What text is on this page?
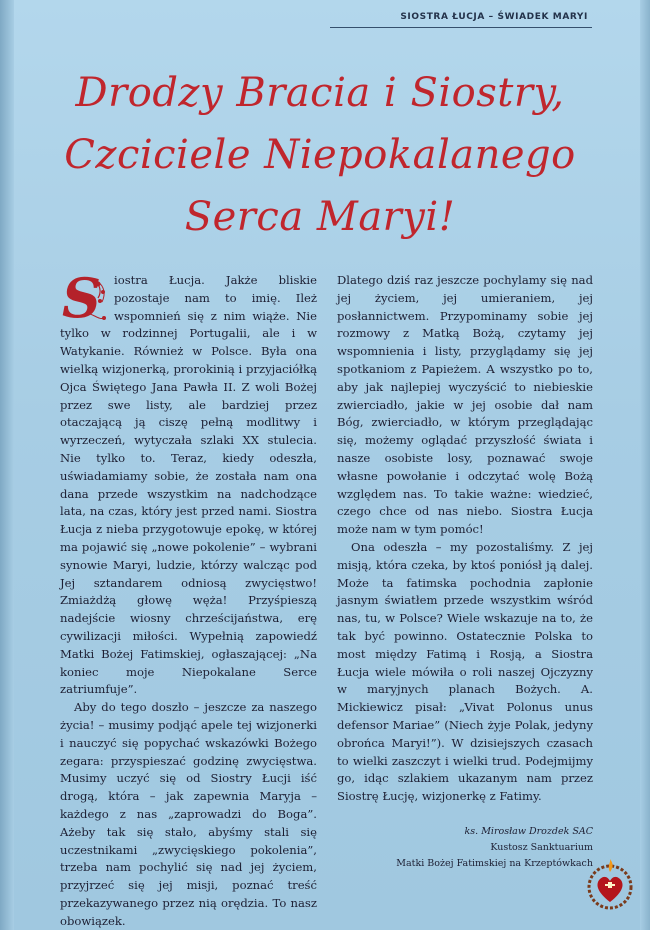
SIOSTRA ŁUCJA – ŚWIADEK MARYI
Drodzy Bracia i Siostry,
Czciciele Niepokalanego
Serca Maryi!
S	iostra Łucja. Jakże bliskie pozostaje nam to imię. Ileż wspomnień się z nim wiąże. Nie tylko w rodzinnej Portugalii, ale i w Watykanie. Również w Polsce. Była ona wielką wizjonerką, prorokinią i przyjaciółką Ojca Świętego Jana Pawła II. Z woli Bożej przez swe listy, ale bardziej przez otaczającą ją ciszę pełną modlitwy i wyrzeczeń, wytyczała szlaki XX stulecia. Nie tylko to. Teraz, kiedy odeszła, uświadamiamy sobie, że została nam ona dana przede wszystkim na nadchodzące lata, na czas, który jest przed nami. Siostra Łucja z nieba przygotowuje epokę, w której ma pojawić się „nowe pokolenie” – wybrani synowie Maryi, ludzie, którzy walcząc pod Jej sztandarem odniosą zwycięstwo! Zmiażdżą głowę węża! Przyśpieszą nadejście wiosny chrześcijaństwa, erę cywilizacji miłości. Wypełnią zapowiedź Matki Bożej Fatimskiej, ogłaszającej: „Na koniec moje Niepokalane Serce zatriumfuje”.

Aby do tego doszło – jeszcze za naszego życia! – musimy podjąć apele tej wizjonerki i nauczyć się popychać wskazówki Bożego zegara: przyspieszać godzinę zwycięstwa. Musimy uczyć się od Siostry Łucji iść drogą, która – jak zapewnia Maryja – każdego z nas „zaprowadzi do Boga”. Ażeby tak się stało, abyśmy stali się uczestnikami „zwycięskiego pokolenia”, trzeba nam pochylić się nad jej życiem, przyjrzeć się jej misji, poznać treść przekazywanego przez nią orędzia. To nasz obowiązek.

Dlatego dziś raz jeszcze pochylamy się nad jej życiem, jej umieraniem, jej posłannictwem. Przypominamy sobie jej rozmowy z Matką Bożą, czytamy jej wspomnienia i listy, przyglądamy się jej spotkaniom z Papieżem. A wszystko po to, aby jak najlepiej wyczyścić to niebieskie zwierciadło, jakie w jej osobie dał nam Bóg, zwierciadło, w którym przeglądając się, możemy oglądać przyszłość świata i nasze osobiste losy, poznawać swoje własne powołanie i odczytać wolę Bożą względem nas. To takie ważne: wiedzieć, czego chce od nas niebo. Siostra Łucja może nam w tym pomóc!

Ona odeszła – my pozostaliśmy. Z jej misją, która czeka, by ktoś poniósł ją dalej. Może ta fatimska pochodnia zapłonie jasnym światłem przede wszystkim wśród nas, tu, w Polsce? Wiele wskazuje na to, że tak być powinno. Ostatecznie Polska to most między Fatimą i Rosją, a Siostra Łucja wiele mówiła o roli naszej Ojczyzny w maryjnych planach Bożych. A. Mickiewicz pisał: „Vivat Polonus unus defensor Mariae” (Niech żyje Polak, jedyny obrońca Maryi!”). W dzisiejszych czasach to wielki zaszczyt i wielki trud. Podejmijmy go, idąc szlakiem ukazanym nam przez Siostrę Łucję, wizjonerkę z Fatimy.

ks. Mirosław Drozdek SAC
Kustosz Sanktuarium
Matki Bożej Fatimskiej na Krzeptówkach
